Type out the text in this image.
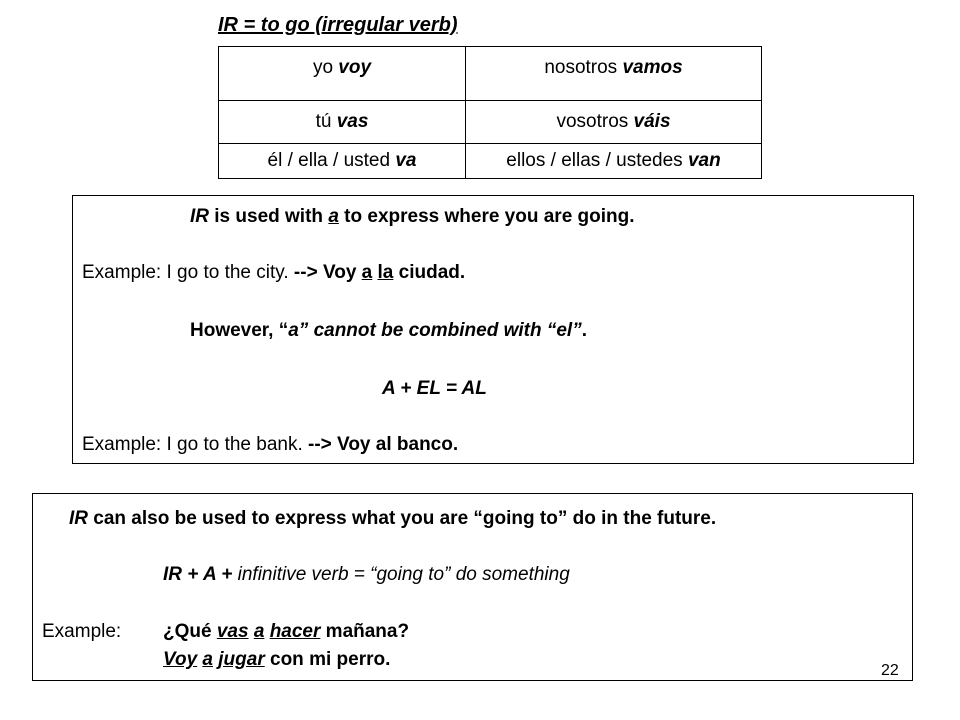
IR = to go (irregular verb)
yo voy	nosotros vamos
tú vas	vosotros váis
él / ella / usted va	ellos / ellas / ustedes van
IR is used with a to express where you are going.
Example: I go to the city. --> Voy a la ciudad.
However, “a” cannot be combined with “el”.
A + EL = AL
Example: I go to the bank. --> Voy al banco.
IR can also be used to express what you are “going to” do in the future.
IR + A + infinitive verb = “going to” do something
Example: ¿Qué vas a hacer mañana?
Voy a jugar con mi perro.
22
